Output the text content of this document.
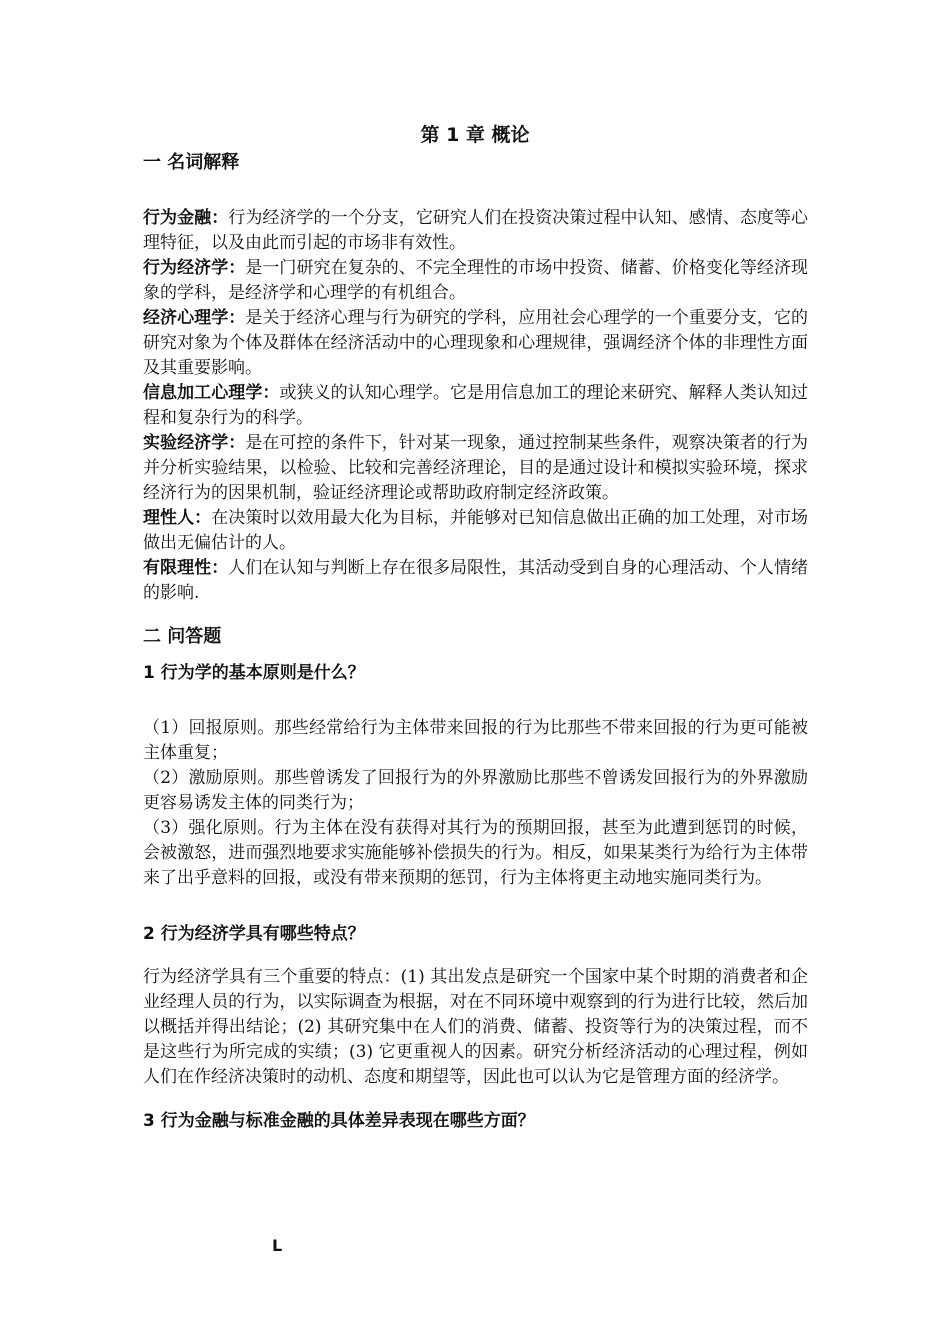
第 1 章 概论

一 名词解释

行为金融：行为经济学的一个分支，它研究人们在投资决策过程中认知、感情、态度等心理特征，以及由此而引起的市场非有效性。

行为经济学：是一门研究在复杂的、不完全理性的市场中投资、储蓄、价格变化等经济现象的学科，是经济学和心理学的有机组合。

经济心理学：是关于经济心理与行为研究的学科，应用社会心理学的一个重要分支，它的研究对象为个体及群体在经济活动中的心理现象和心理规律，强调经济个体的非理性方面及其重要影响。

信息加工心理学：或狭义的认知心理学。它是用信息加工的理论来研究、解释人类认知过程和复杂行为的科学。

实验经济学：是在可控的条件下，针对某一现象，通过控制某些条件，观察决策者的行为并分析实验结果，以检验、比较和完善经济理论，目的是通过设计和模拟实验环境，探求经济行为的因果机制，验证经济理论或帮助政府制定经济政策。

理性人：在决策时以效用最大化为目标，并能够对已知信息做出正确的加工处理，对市场做出无偏估计的人。

有限理性：人们在认知与判断上存在很多局限性，其活动受到自身的心理活动、个人情绪的影响.

二 问答题

1 行为学的基本原则是什么？

（1）回报原则。那些经常给行为主体带来回报的行为比那些不带来回报的行为更可能被主体重复；

（2）激励原则。那些曾诱发了回报行为的外界激励比那些不曾诱发回报行为的外界激励更容易诱发主体的同类行为；

（3）强化原则。行为主体在没有获得对其行为的预期回报，甚至为此遭到惩罚的时候，会被激怒，进而强烈地要求实施能够补偿损失的行为。相反，如果某类行为给行为主体带来了出乎意料的回报，或没有带来预期的惩罚，行为主体将更主动地实施同类行为。

2 行为经济学具有哪些特点？

行为经济学具有三个重要的特点：(1) 其出发点是研究一个国家中某个时期的消费者和企业经理人员的行为，以实际调查为根据，对在不同环境中观察到的行为进行比较，然后加以概括并得出结论；(2) 其研究集中在人们的消费、储蓄、投资等行为的决策过程，而不是这些行为所完成的实绩；(3) 它更重视人的因素。研究分析经济活动的心理过程，例如人们在作经济决策时的动机、态度和期望等，因此也可以认为它是管理方面的经济学。

3 行为金融与标准金融的具体差异表现在哪些方面？

L
